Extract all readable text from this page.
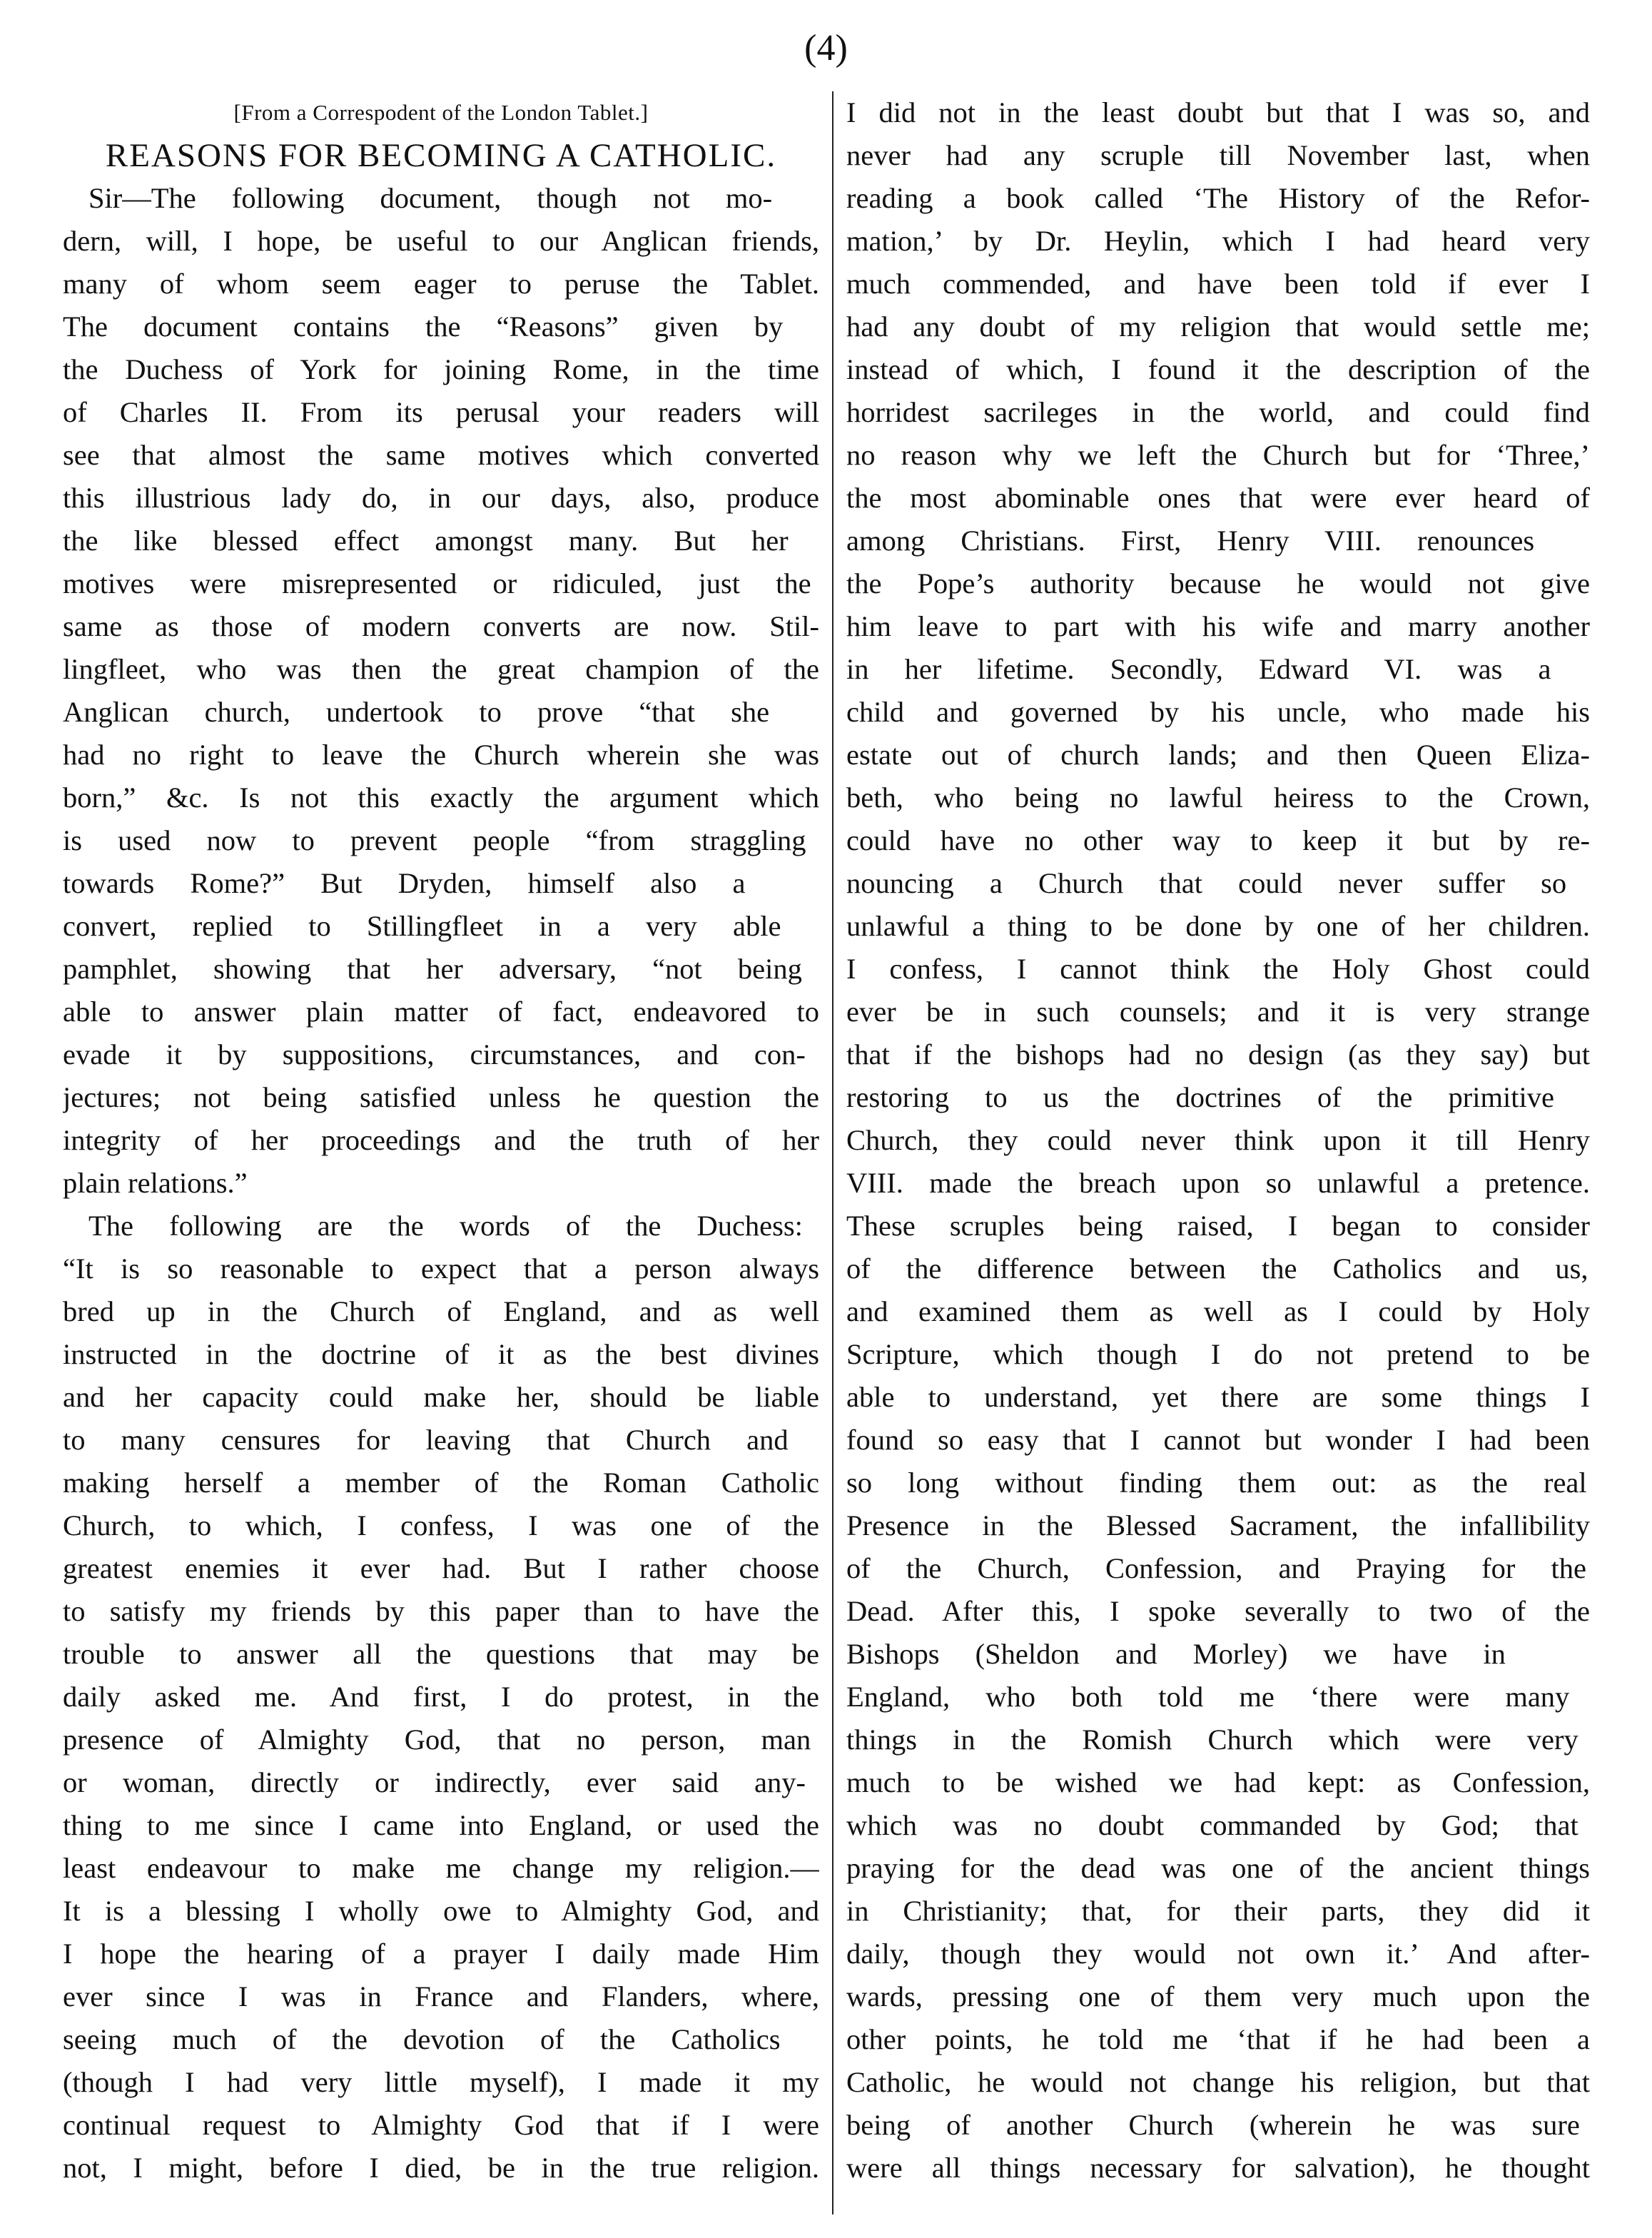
(4)

[From a Correspodent of the London Tablet.]

REASONS FOR BECOMING A CATHOLIC.

Sir—The following document, though not mo-
dern, will, I hope, be useful to our Anglican friends,
many of whom seem eager to peruse the Tablet.
The document contains the “Reasons” given by
the Duchess of York for joining Rome, in the time
of Charles II. From its perusal your readers will
see that almost the same motives which converted
this illustrious lady do, in our days, also, produce
the like blessed effect amongst many. But her
motives were misrepresented or ridiculed, just the
same as those of modern converts are now. Stil-
lingfleet, who was then the great champion of the
Anglican church, undertook to prove “that she
had no right to leave the Church wherein she was
born,” &c. Is not this exactly the argument which
is used now to prevent people “from straggling
towards Rome?” But Dryden, himself also a
convert, replied to Stillingfleet in a very able
pamphlet, showing that her adversary, “not being
able to answer plain matter of fact, endeavored to
evade it by suppositions, circumstances, and con-
jectures; not being satisfied unless he question the
integrity of her proceedings and the truth of her
plain relations.”
The following are the words of the Duchess:
“It is so reasonable to expect that a person always
bred up in the Church of England, and as well
instructed in the doctrine of it as the best divines
and her capacity could make her, should be liable
to many censures for leaving that Church and
making herself a member of the Roman Catholic
Church, to which, I confess, I was one of the
greatest enemies it ever had. But I rather choose
to satisfy my friends by this paper than to have the
trouble to answer all the questions that may be
daily asked me. And first, I do protest, in the
presence of Almighty God, that no person, man
or woman, directly or indirectly, ever said any-
thing to me since I came into England, or used the
least endeavour to make me change my religion.—
It is a blessing I wholly owe to Almighty God, and
I hope the hearing of a prayer I daily made Him
ever since I was in France and Flanders, where,
seeing much of the devotion of the Catholics
(though I had very little myself), I made it my
continual request to Almighty God that if I were
not, I might, before I died, be in the true religion.
I did not in the least doubt but that I was so, and
never had any scruple till November last, when
reading a book called ‘The History of the Refor-
mation,’ by Dr. Heylin, which I had heard very
much commended, and have been told if ever I
had any doubt of my religion that would settle me;
instead of which, I found it the description of the
horridest sacrileges in the world, and could find
no reason why we left the Church but for ‘Three,’
the most abominable ones that were ever heard of
among Christians. First, Henry VIII. renounces
the Pope’s authority because he would not give
him leave to part with his wife and marry another
in her lifetime. Secondly, Edward VI. was a
child and governed by his uncle, who made his
estate out of church lands; and then Queen Eliza-
beth, who being no lawful heiress to the Crown,
could have no other way to keep it but by re-
nouncing a Church that could never suffer so
unlawful a thing to be done by one of her children.
I confess, I cannot think the Holy Ghost could
ever be in such counsels; and it is very strange
that if the bishops had no design (as they say) but
restoring to us the doctrines of the primitive
Church, they could never think upon it till Henry
VIII. made the breach upon so unlawful a pretence.
These scruples being raised, I began to consider
of the difference between the Catholics and us,
and examined them as well as I could by Holy
Scripture, which though I do not pretend to be
able to understand, yet there are some things I
found so easy that I cannot but wonder I had been
so long without finding them out: as the real
Presence in the Blessed Sacrament, the infallibility
of the Church, Confession, and Praying for the
Dead. After this, I spoke severally to two of the
Bishops (Sheldon and Morley) we have in
England, who both told me ‘there were many
things in the Romish Church which were very
much to be wished we had kept: as Confession,
which was no doubt commanded by God; that
praying for the dead was one of the ancient things
in Christianity; that, for their parts, they did it
daily, though they would not own it.’ And after-
wards, pressing one of them very much upon the
other points, he told me ‘that if he had been a
Catholic, he would not change his religion, but that
being of another Church (wherein he was sure
were all things necessary for salvation), he thought
